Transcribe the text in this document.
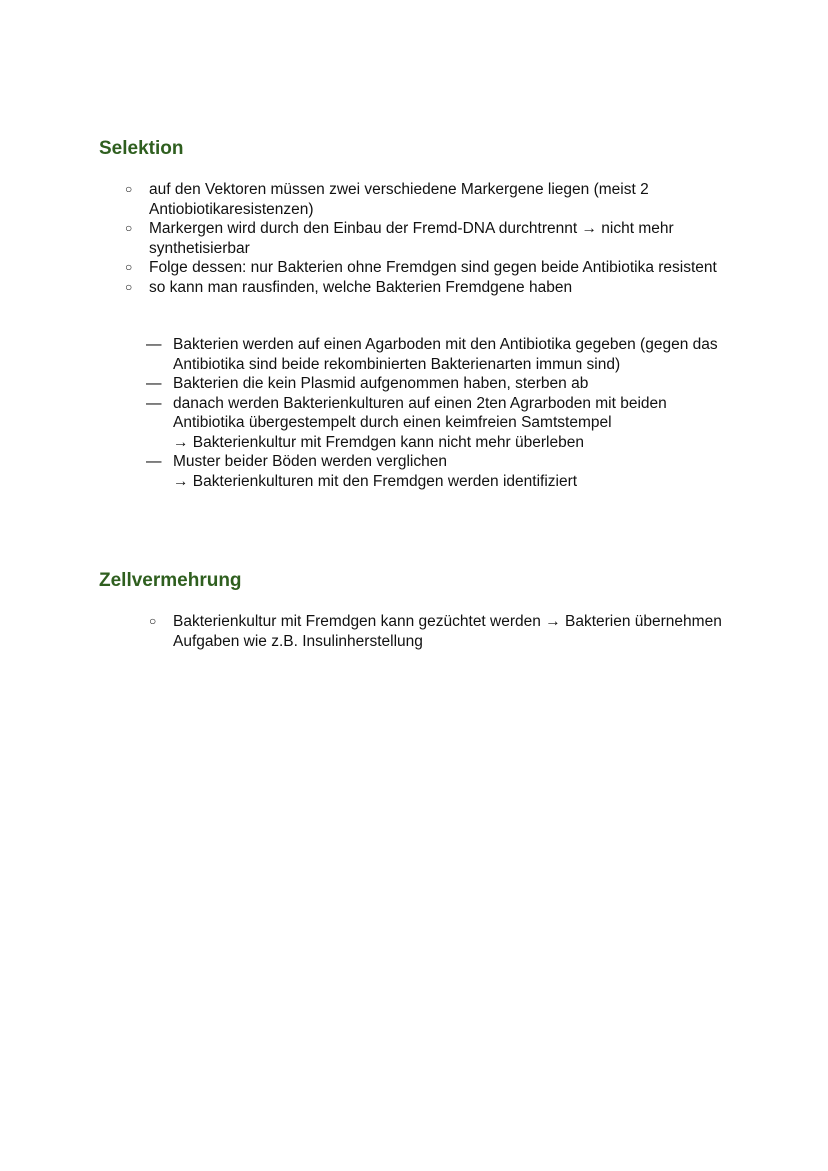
Selektion
○ auf den Vektoren müssen zwei verschiedene Markergene liegen (meist 2 Antiobiotikaresistenzen)
○ Markergen wird durch den Einbau der Fremd-DNA durchtrennt → nicht mehr synthetisierbar
○ Folge dessen: nur Bakterien ohne Fremdgen sind gegen beide Antibiotika resistent
○ so kann man rausfinden, welche Bakterien Fremdgene haben
— Bakterien werden auf einen Agarboden mit den Antibiotika gegeben (gegen das Antibiotika sind beide rekombinierten Bakterienarten immun sind)
— Bakterien die kein Plasmid aufgenommen haben, sterben ab
— danach werden Bakterienkulturen auf einen 2ten Agrarboden mit beiden Antibiotika übergestempelt durch einen keimfreien Samtstempel
→ Bakterienkultur mit Fremdgen kann nicht mehr überleben
— Muster beider Böden werden verglichen
→ Bakterienkulturen mit den Fremdgen werden identifiziert
Zellvermehrung
○ Bakterienkultur mit Fremdgen kann gezüchtet werden → Bakterien übernehmen Aufgaben wie z.B. Insulinherstellung
